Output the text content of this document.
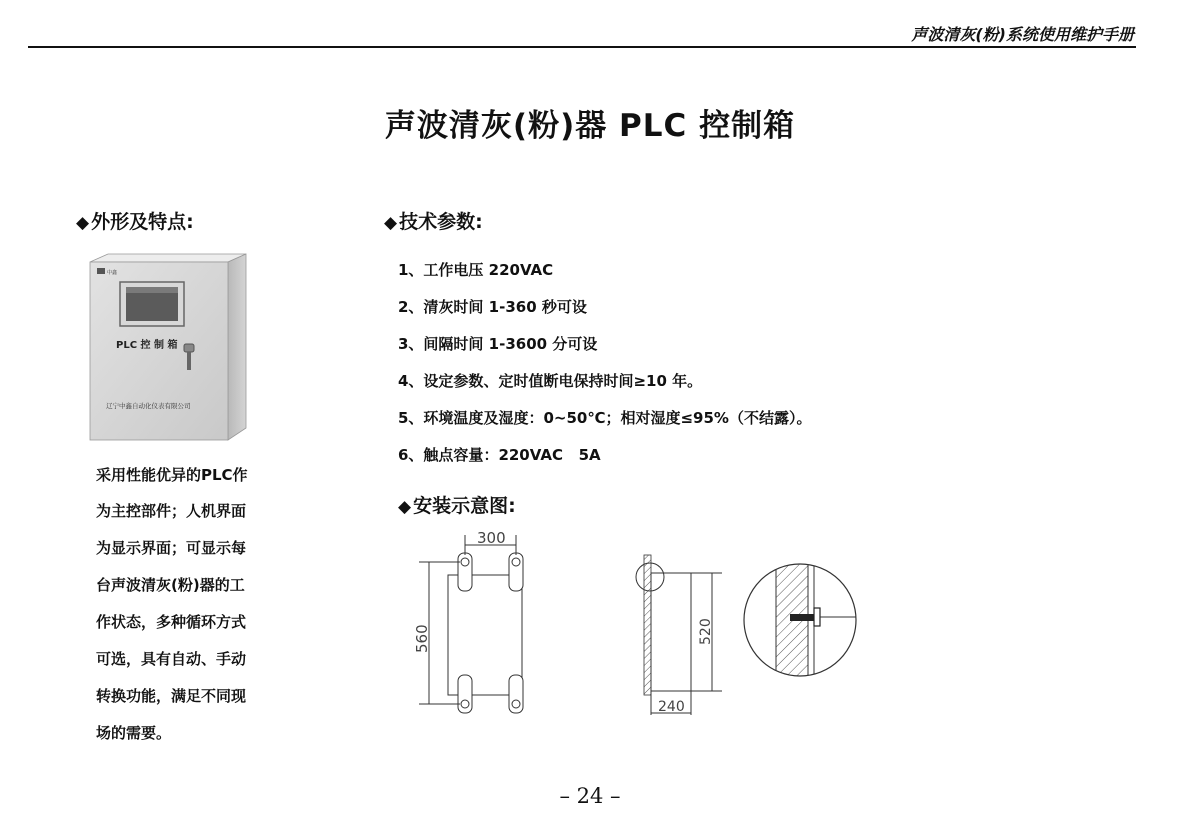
声波清灰(粉)系统使用维护手册
声波清灰(粉)器 PLC 控制箱
◆ 外形及特点:	◆ 技术参数:
中鑫
PLC 控 制 箱
辽宁中鑫自动化仪表有限公司
采用性能优异的PLC作
为主控部件；人机界面
为显示界面；可显示每
台声波清灰(粉)器的工
作状态，多种循环方式
可选，具有自动、手动
转换功能，满足不同现
场的需要。
1、工作电压 220VAC
2、清灰时间 1-360 秒可设
3、间隔时间 1-3600 分可设
4、设定参数、定时值断电保持时间≥10 年。
5、环境温度及湿度：0~50℃；相对湿度≤95%（不结露）。
6、触点容量：220VAC   5A
◆ 安装示意图:
300
560	520
240
– 24 –
